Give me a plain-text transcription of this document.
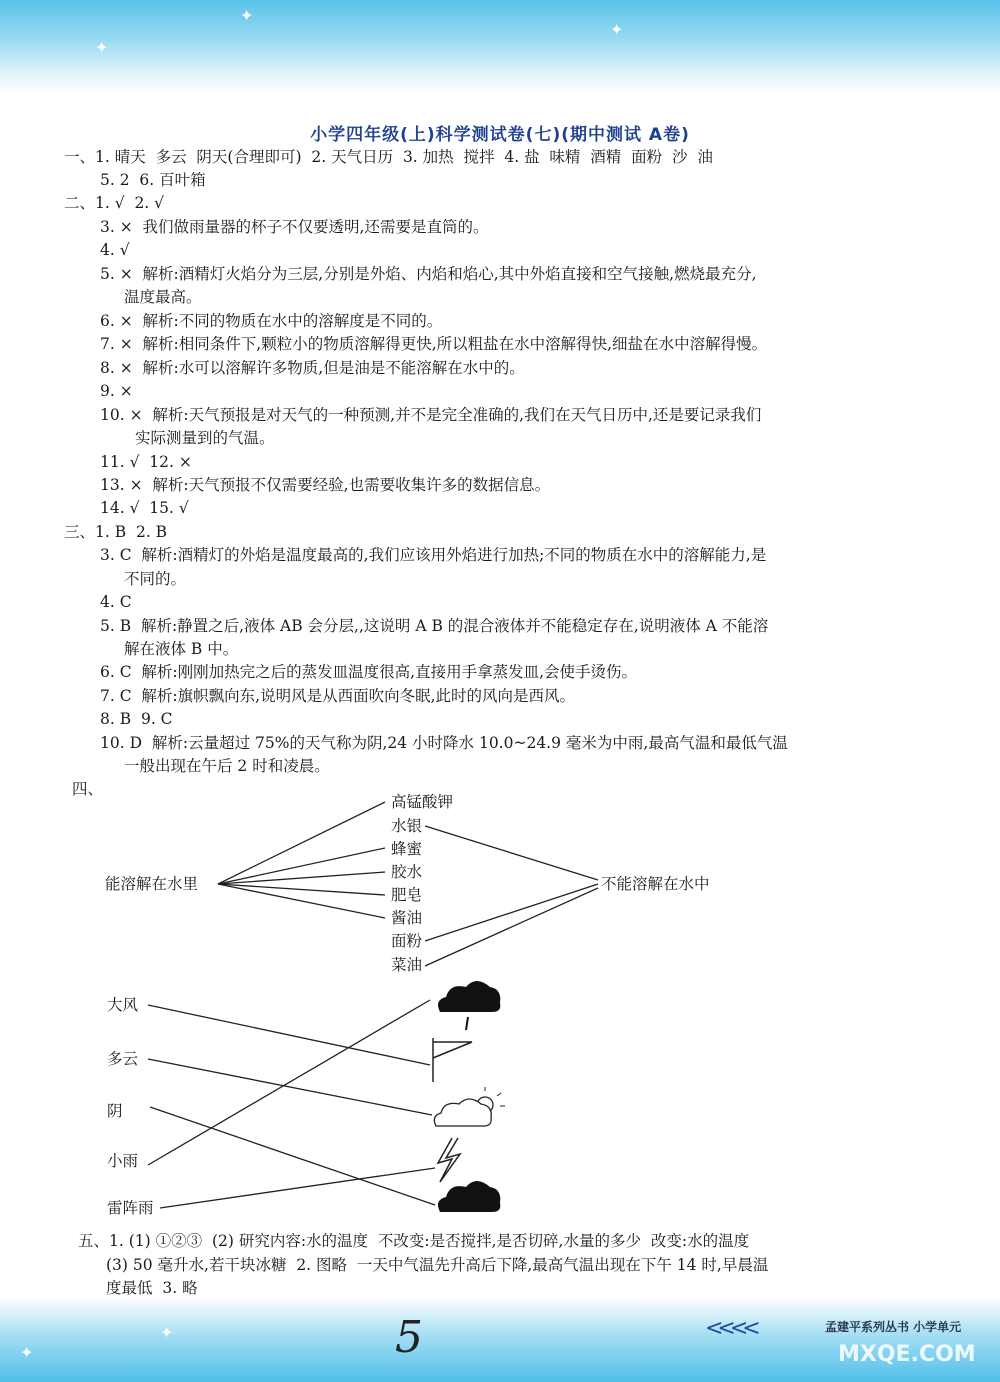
✦
✦
✦
小学四年级(上)科学测试卷(七)(期中测试 A卷)
一、1. 晴天  多云  阴天(合理即可)  2. 天气日历  3. 加热  搅拌  4. 盐  味精  酒精  面粉  沙  油
5. 2  6. 百叶箱
二、1. √  2. √
3. ×  我们做雨量器的杯子不仅要透明,还需要是直筒的。
4. √
5. ×  解析:酒精灯火焰分为三层,分别是外焰、内焰和焰心,其中外焰直接和空气接触,燃烧最充分,
温度最高。
6. ×  解析:不同的物质在水中的溶解度是不同的。
7. ×  解析:相同条件下,颗粒小的物质溶解得更快,所以粗盐在水中溶解得快,细盐在水中溶解得慢。
8. ×  解析:水可以溶解许多物质,但是油是不能溶解在水中的。
9. ×
10. ×  解析:天气预报是对天气的一种预测,并不是完全准确的,我们在天气日历中,还是要记录我们
实际测量到的气温。
11. √  12. ×
13. ×  解析:天气预报不仅需要经验,也需要收集许多的数据信息。
14. √  15. √
三、1. B  2. B
3. C  解析:酒精灯的外焰是温度最高的,我们应该用外焰进行加热;不同的物质在水中的溶解能力,是
不同的。
4. C
5. B  解析:静置之后,液体 AB 会分层,,这说明 A B 的混合液体并不能稳定存在,说明液体 A 不能溶
解在液体 B 中。
6. C  解析:刚刚加热完之后的蒸发皿温度很高,直接用手拿蒸发皿,会使手烫伤。
7. C  解析:旗帜飘向东,说明风是从西面吹向冬眠,此时的风向是西风。
8. B  9. C
10. D  解析:云量超过 75%的天气称为阴,24 小时降水 10.0~24.9 毫米为中雨,最高气温和最低气温
一般出现在午后 2 时和凌晨。
四、
能溶解在水里	不能溶解在水中
高锰酸钾
水银
蜂蜜
胶水
肥皂
酱油
面粉
菜油
大风
多云
阴
小雨
雷阵雨
五、1. (1) ①②③  (2) 研究内容:水的温度  不改变:是否搅拌,是否切碎,水量的多少  改变:水的温度
(3) 50 毫升水,若干块冰糖  2. 图略  一天中气温先升高后下降,最高气温出现在下午 14 时,早晨温
度最低  3. 略
✦
✦	5	<<<<	孟建平系列丛书 小学单元
MXQE.COM
